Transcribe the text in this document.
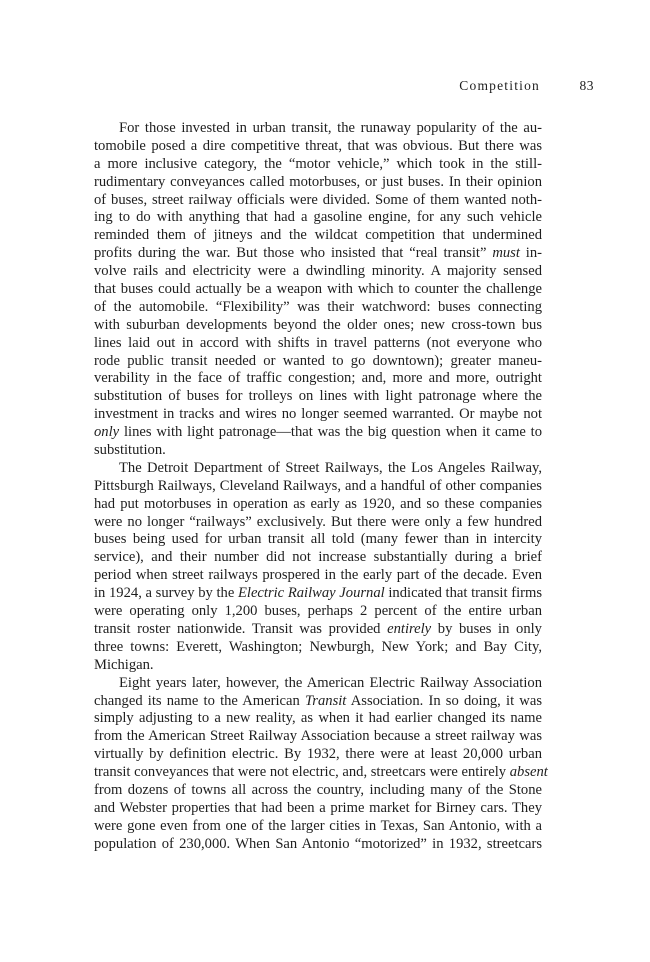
Competition	83
For those invested in urban transit, the runaway popularity of the au-
tomobile posed a dire competitive threat, that was obvious. But there was
a more inclusive category, the “motor vehicle,” which took in the still-
rudimentary conveyances called motorbuses, or just buses. In their opinion
of buses, street railway officials were divided. Some of them wanted noth-
ing to do with anything that had a gasoline engine, for any such vehicle
reminded them of jitneys and the wildcat competition that undermined
profits during the war. But those who insisted that “real transit” must in-
volve rails and electricity were a dwindling minority. A majority sensed
that buses could actually be a weapon with which to counter the challenge
of the automobile. “Flexibility” was their watchword: buses connecting
with suburban developments beyond the older ones; new cross-town bus
lines laid out in accord with shifts in travel patterns (not everyone who
rode public transit needed or wanted to go downtown); greater maneu-
verability in the face of traffic congestion; and, more and more, outright
substitution of buses for trolleys on lines with light patronage where the
investment in tracks and wires no longer seemed warranted. Or maybe not
only lines with light patronage—that was the big question when it came to
substitution.
The Detroit Department of Street Railways, the Los Angeles Railway,
Pittsburgh Railways, Cleveland Railways, and a handful of other companies
had put motorbuses in operation as early as 1920, and so these companies
were no longer “railways” exclusively. But there were only a few hundred
buses being used for urban transit all told (many fewer than in intercity
service), and their number did not increase substantially during a brief
period when street railways prospered in the early part of the decade. Even
in 1924, a survey by the Electric Railway Journal indicated that transit firms
were operating only 1,200 buses, perhaps 2 percent of the entire urban
transit roster nationwide. Transit was provided entirely by buses in only
three towns: Everett, Washington; Newburgh, New York; and Bay City,
Michigan.
Eight years later, however, the American Electric Railway Association
changed its name to the American Transit Association. In so doing, it was
simply adjusting to a new reality, as when it had earlier changed its name
from the American Street Railway Association because a street railway was
virtually by definition electric. By 1932, there were at least 20,000 urban
transit conveyances that were not electric, and, streetcars were entirely absent
from dozens of towns all across the country, including many of the Stone
and Webster properties that had been a prime market for Birney cars. They
were gone even from one of the larger cities in Texas, San Antonio, with a
population of 230,000. When San Antonio “motorized” in 1932, streetcars
